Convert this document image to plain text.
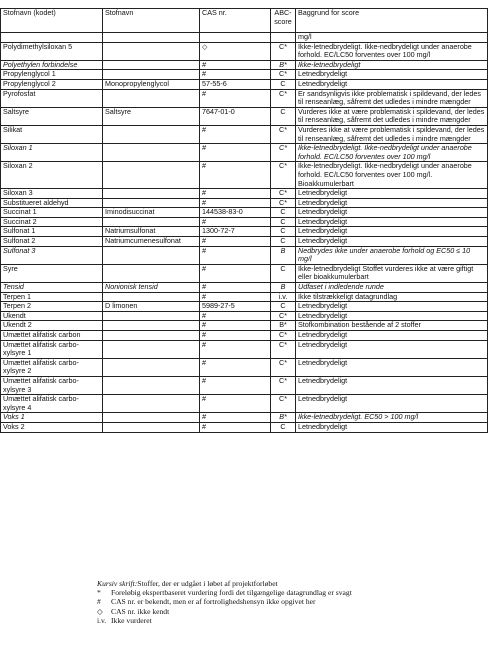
Stofnavn (kodet)	Stofnavn	CAS nr.	ABC-
score	Baggrund for score
				mg/l
Polydimethylsiloxan 5		◇	C*	Ikke-letnedbrydeligt. Ikke-nedbrydeligt under anaerobe forhold. EC/LC50 forventes over 100 mg/l
Polyethylen forbindelse		#	B*	Ikke-letnedbrydeligt
Propylenglycol 1		#	C*	Letnedbrydeligt
Propylenglycol 2	Monopropylenglycol	57-55-6	C	Letnedbrydeligt
Pyrofosfat		#	C*	Er sandsynligvis ikke problematisk i spildevand, der ledes til renseanlæg, såfremt det udledes i mindre mængder
Saltsyre	Saltsyre	7647-01-0	C	Vurderes ikke at være problematisk i spildevand, der ledes til renseanlæg, såfremt det udledes i mindre mængder
Silikat		#	C*	Vurderes ikke at være problematisk i spildevand, der ledes til renseanlæg, såfremt det udledes i mindre mængder
Siloxan 1		#	C*	Ikke-letnedbrydeligt. Ikke-nedbrydeligt under anaerobe forhold. EC/LC50 forventes over 100 mg/l
Siloxan 2		#	C*	Ikke-letnedbrydeligt. Ikke-nedbrydeligt under anaerobe forhold. EC/LC50 forventes over 100 mg/l. Bioakkumulerbart
Siloxan 3		#	C*	Letnedbrydeligt
Substitueret aldehyd		#	C*	Letnedbrydeligt
Succinat 1	Iminodisuccinat	144538-83-0	C	Letnedbrydeligt
Succinat 2		#	C	Letnedbrydeligt
Sulfonat 1	Natriumsulfonat	1300-72-7	C	Letnedbrydeligt
Sulfonat 2	Natriumcumenesulfonat	#	C	Letnedbrydeligt
Sulfonat 3		#	B	Nedbrydes ikke under anaerobe forhold og EC50 ≤ 10 mg/l
Syre		#	C	Ikke-letnedbrydeligt Stoffet vurderes ikke at være giftigt eller bioakkumulerbart
Tensid	Nonionisk tensid	#	B	Udfaset i indledende runde
Terpen 1		#	i.v.	Ikke tilstrækkeligt datagrundlag
Terpen 2	D limonen	5989-27-5	C	Letnedbrydeligt
Ukendt		#	C*	Letnedbrydeligt
Ukendt 2		#	B*	Stofkombination bestående af 2 stoffer
Umættet alifatisk carbon		#	C*	Letnedbrydeligt
Umættet alifatisk carbo-xylsyre 1		#	C*	Letnedbrydeligt
Umættet alifatisk carbo-xylsyre 2		#	C*	Letnedbrydeligt
Umættet alifatisk carbo-xylsyre 3		#	C*	Letnedbrydeligt
Umættet alifatisk carbo-xylsyre 4		#	C*	Letnedbrydeligt
Voks 1		#	B*	Ikke-letnedbrydeligt. EC50 > 100 mg/l
Voks 2		#	C	Letnedbrydeligt
Kursiv skrift: Stoffer, der er udgået i løbet af projektforløbet
*	Foreløbig ekspertbaseret vurdering fordi det tilgængelige datagrundlag er svagt
#	CAS nr. er bekendt, men er af fortrolighedshensyn ikke opgivet her
◇	CAS nr. ikke kendt
i.v. Ikke vurderet
